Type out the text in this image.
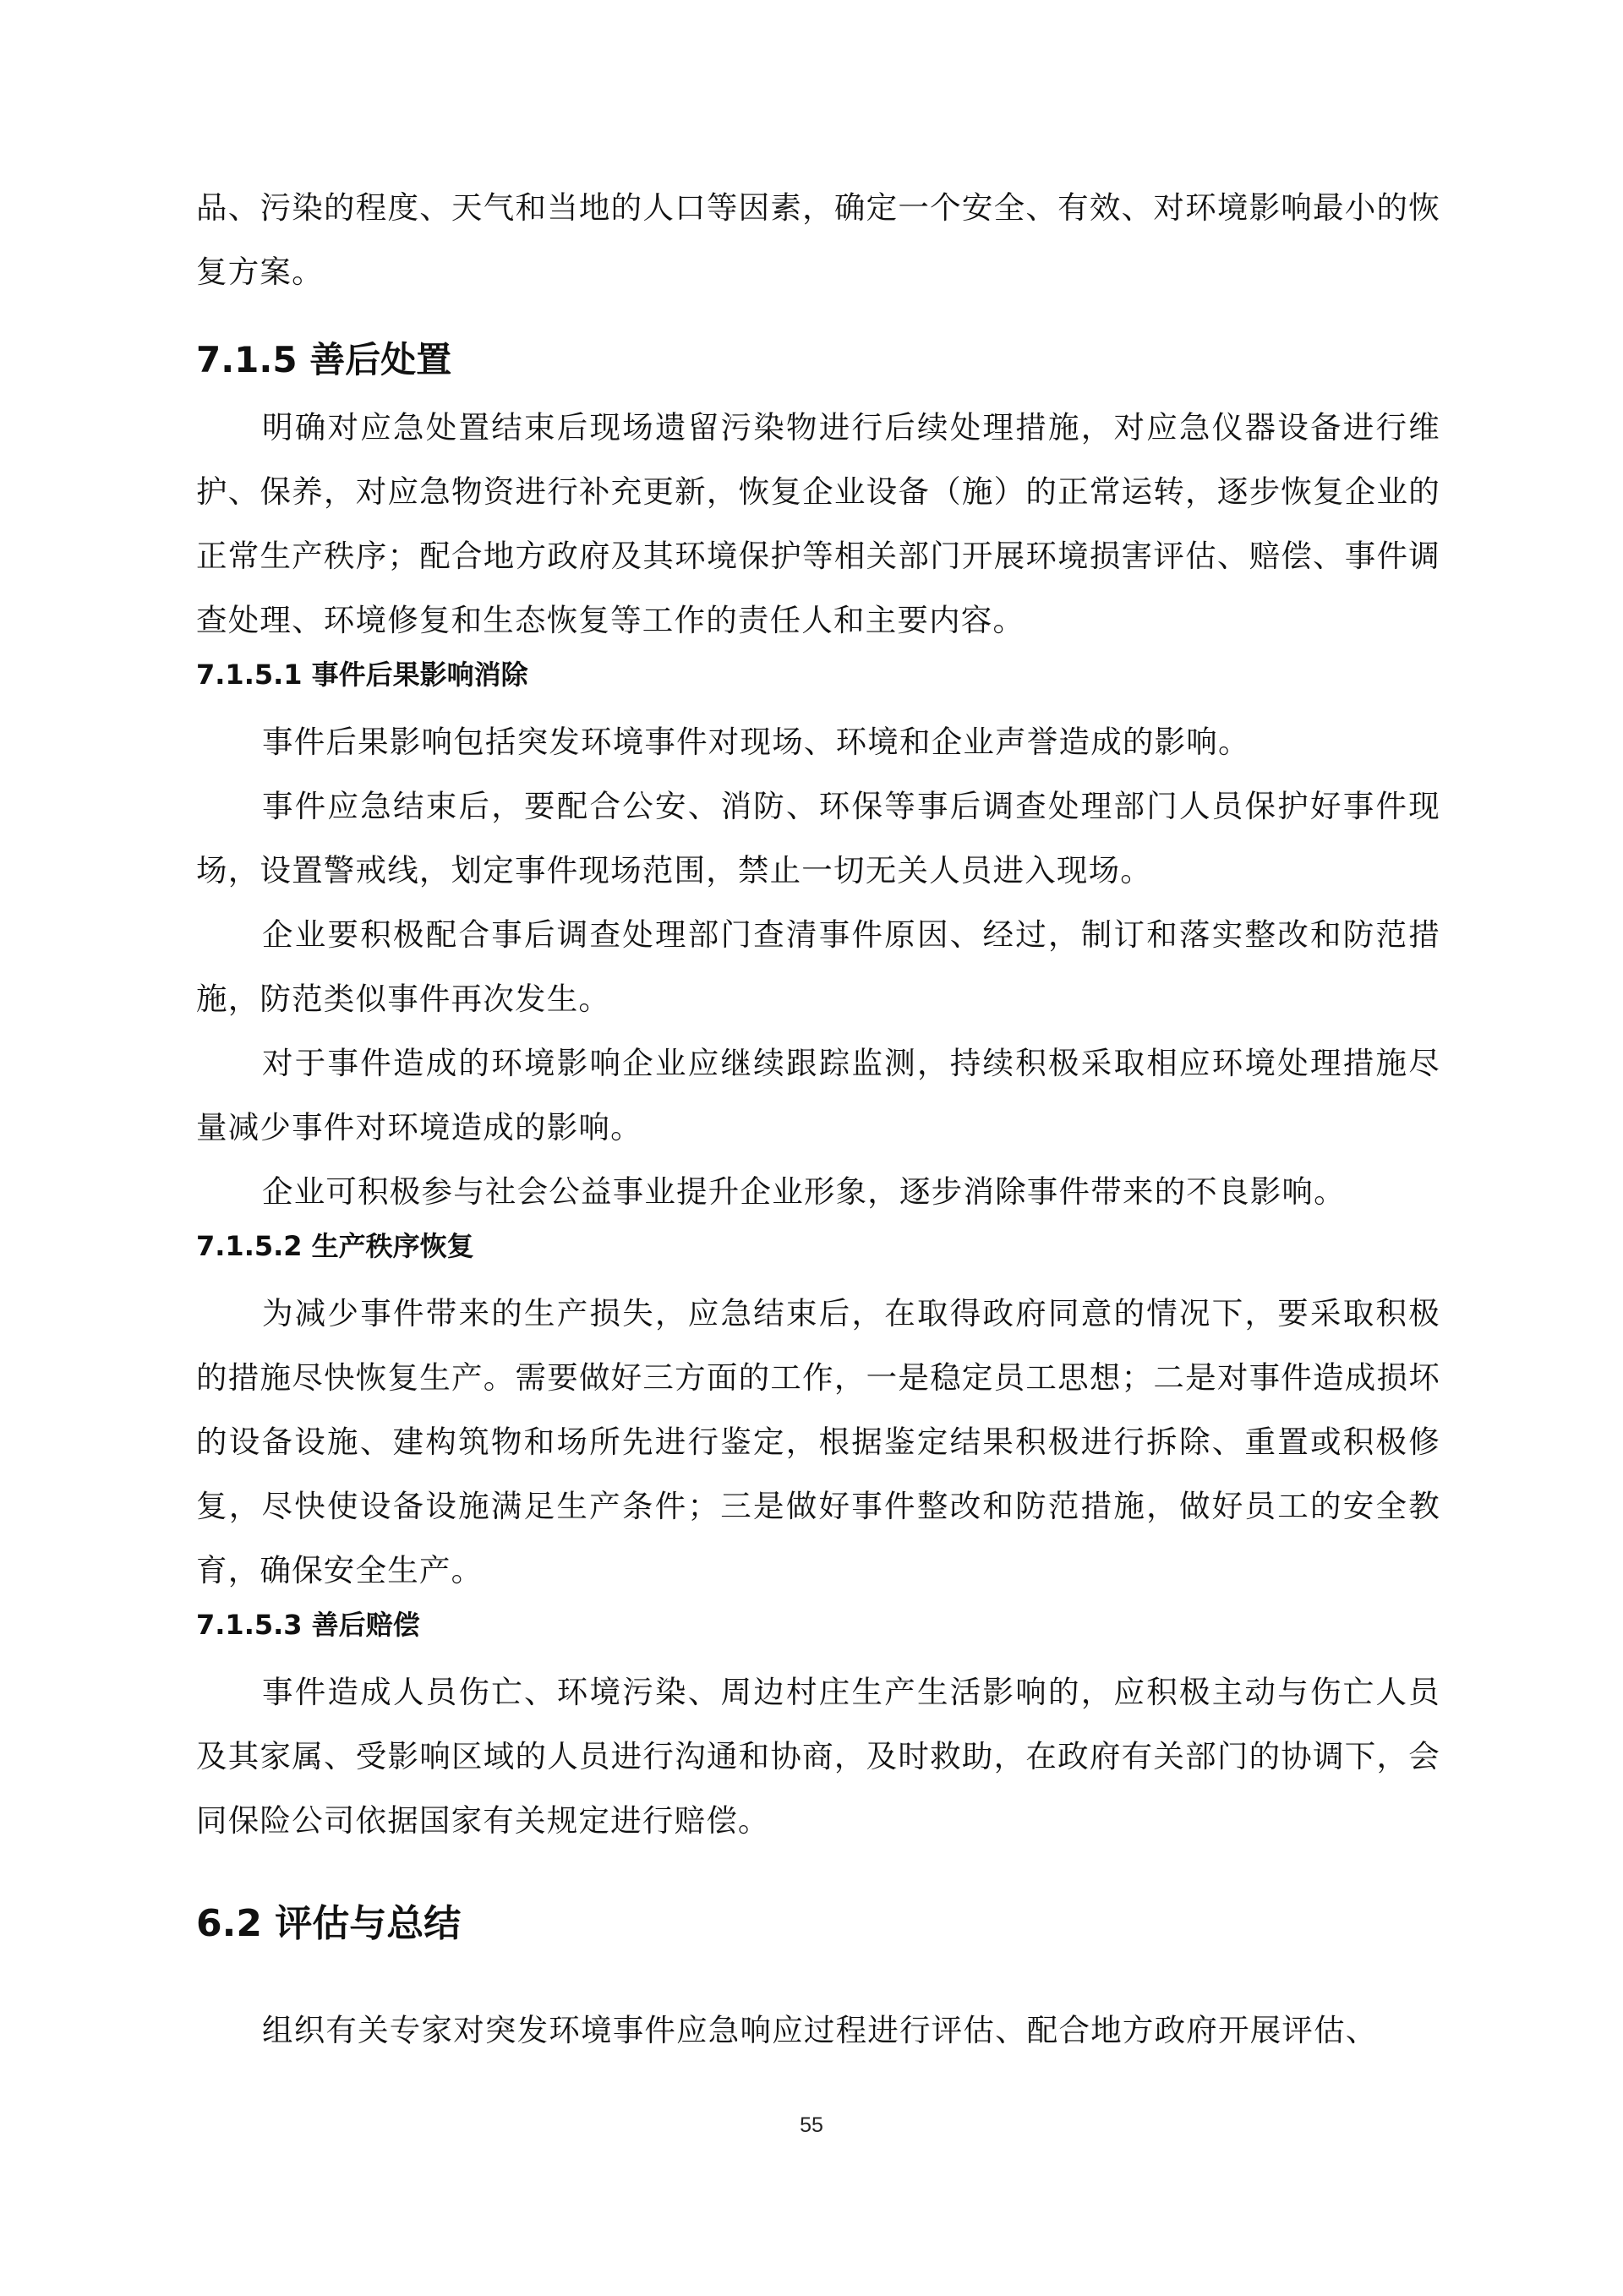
品、污染的程度、天气和当地的人口等因素，确定一个安全、有效、对环境影响最小的恢复方案。

7.1.5 善后处置

明确对应急处置结束后现场遗留污染物进行后续处理措施，对应急仪器设备进行维护、保养，对应急物资进行补充更新，恢复企业设备（施）的正常运转，逐步恢复企业的正常生产秩序；配合地方政府及其环境保护等相关部门开展环境损害评估、赔偿、事件调查处理、环境修复和生态恢复等工作的责任人和主要内容。

7.1.5.1 事件后果影响消除

事件后果影响包括突发环境事件对现场、环境和企业声誉造成的影响。

事件应急结束后，要配合公安、消防、环保等事后调查处理部门人员保护好事件现场，设置警戒线，划定事件现场范围，禁止一切无关人员进入现场。

企业要积极配合事后调查处理部门查清事件原因、经过，制订和落实整改和防范措施，防范类似事件再次发生。

对于事件造成的环境影响企业应继续跟踪监测，持续积极采取相应环境处理措施尽量减少事件对环境造成的影响。

企业可积极参与社会公益事业提升企业形象，逐步消除事件带来的不良影响。

7.1.5.2 生产秩序恢复

为减少事件带来的生产损失，应急结束后，在取得政府同意的情况下，要采取积极的措施尽快恢复生产。需要做好三方面的工作，一是稳定员工思想；二是对事件造成损坏的设备设施、建构筑物和场所先进行鉴定，根据鉴定结果积极进行拆除、重置或积极修复，尽快使设备设施满足生产条件；三是做好事件整改和防范措施，做好员工的安全教育，确保安全生产。

7.1.5.3 善后赔偿

事件造成人员伤亡、环境污染、周边村庄生产生活影响的，应积极主动与伤亡人员及其家属、受影响区域的人员进行沟通和协商，及时救助，在政府有关部门的协调下，会同保险公司依据国家有关规定进行赔偿。

6.2 评估与总结

组织有关专家对突发环境事件应急响应过程进行评估、配合地方政府开展评估、

55
